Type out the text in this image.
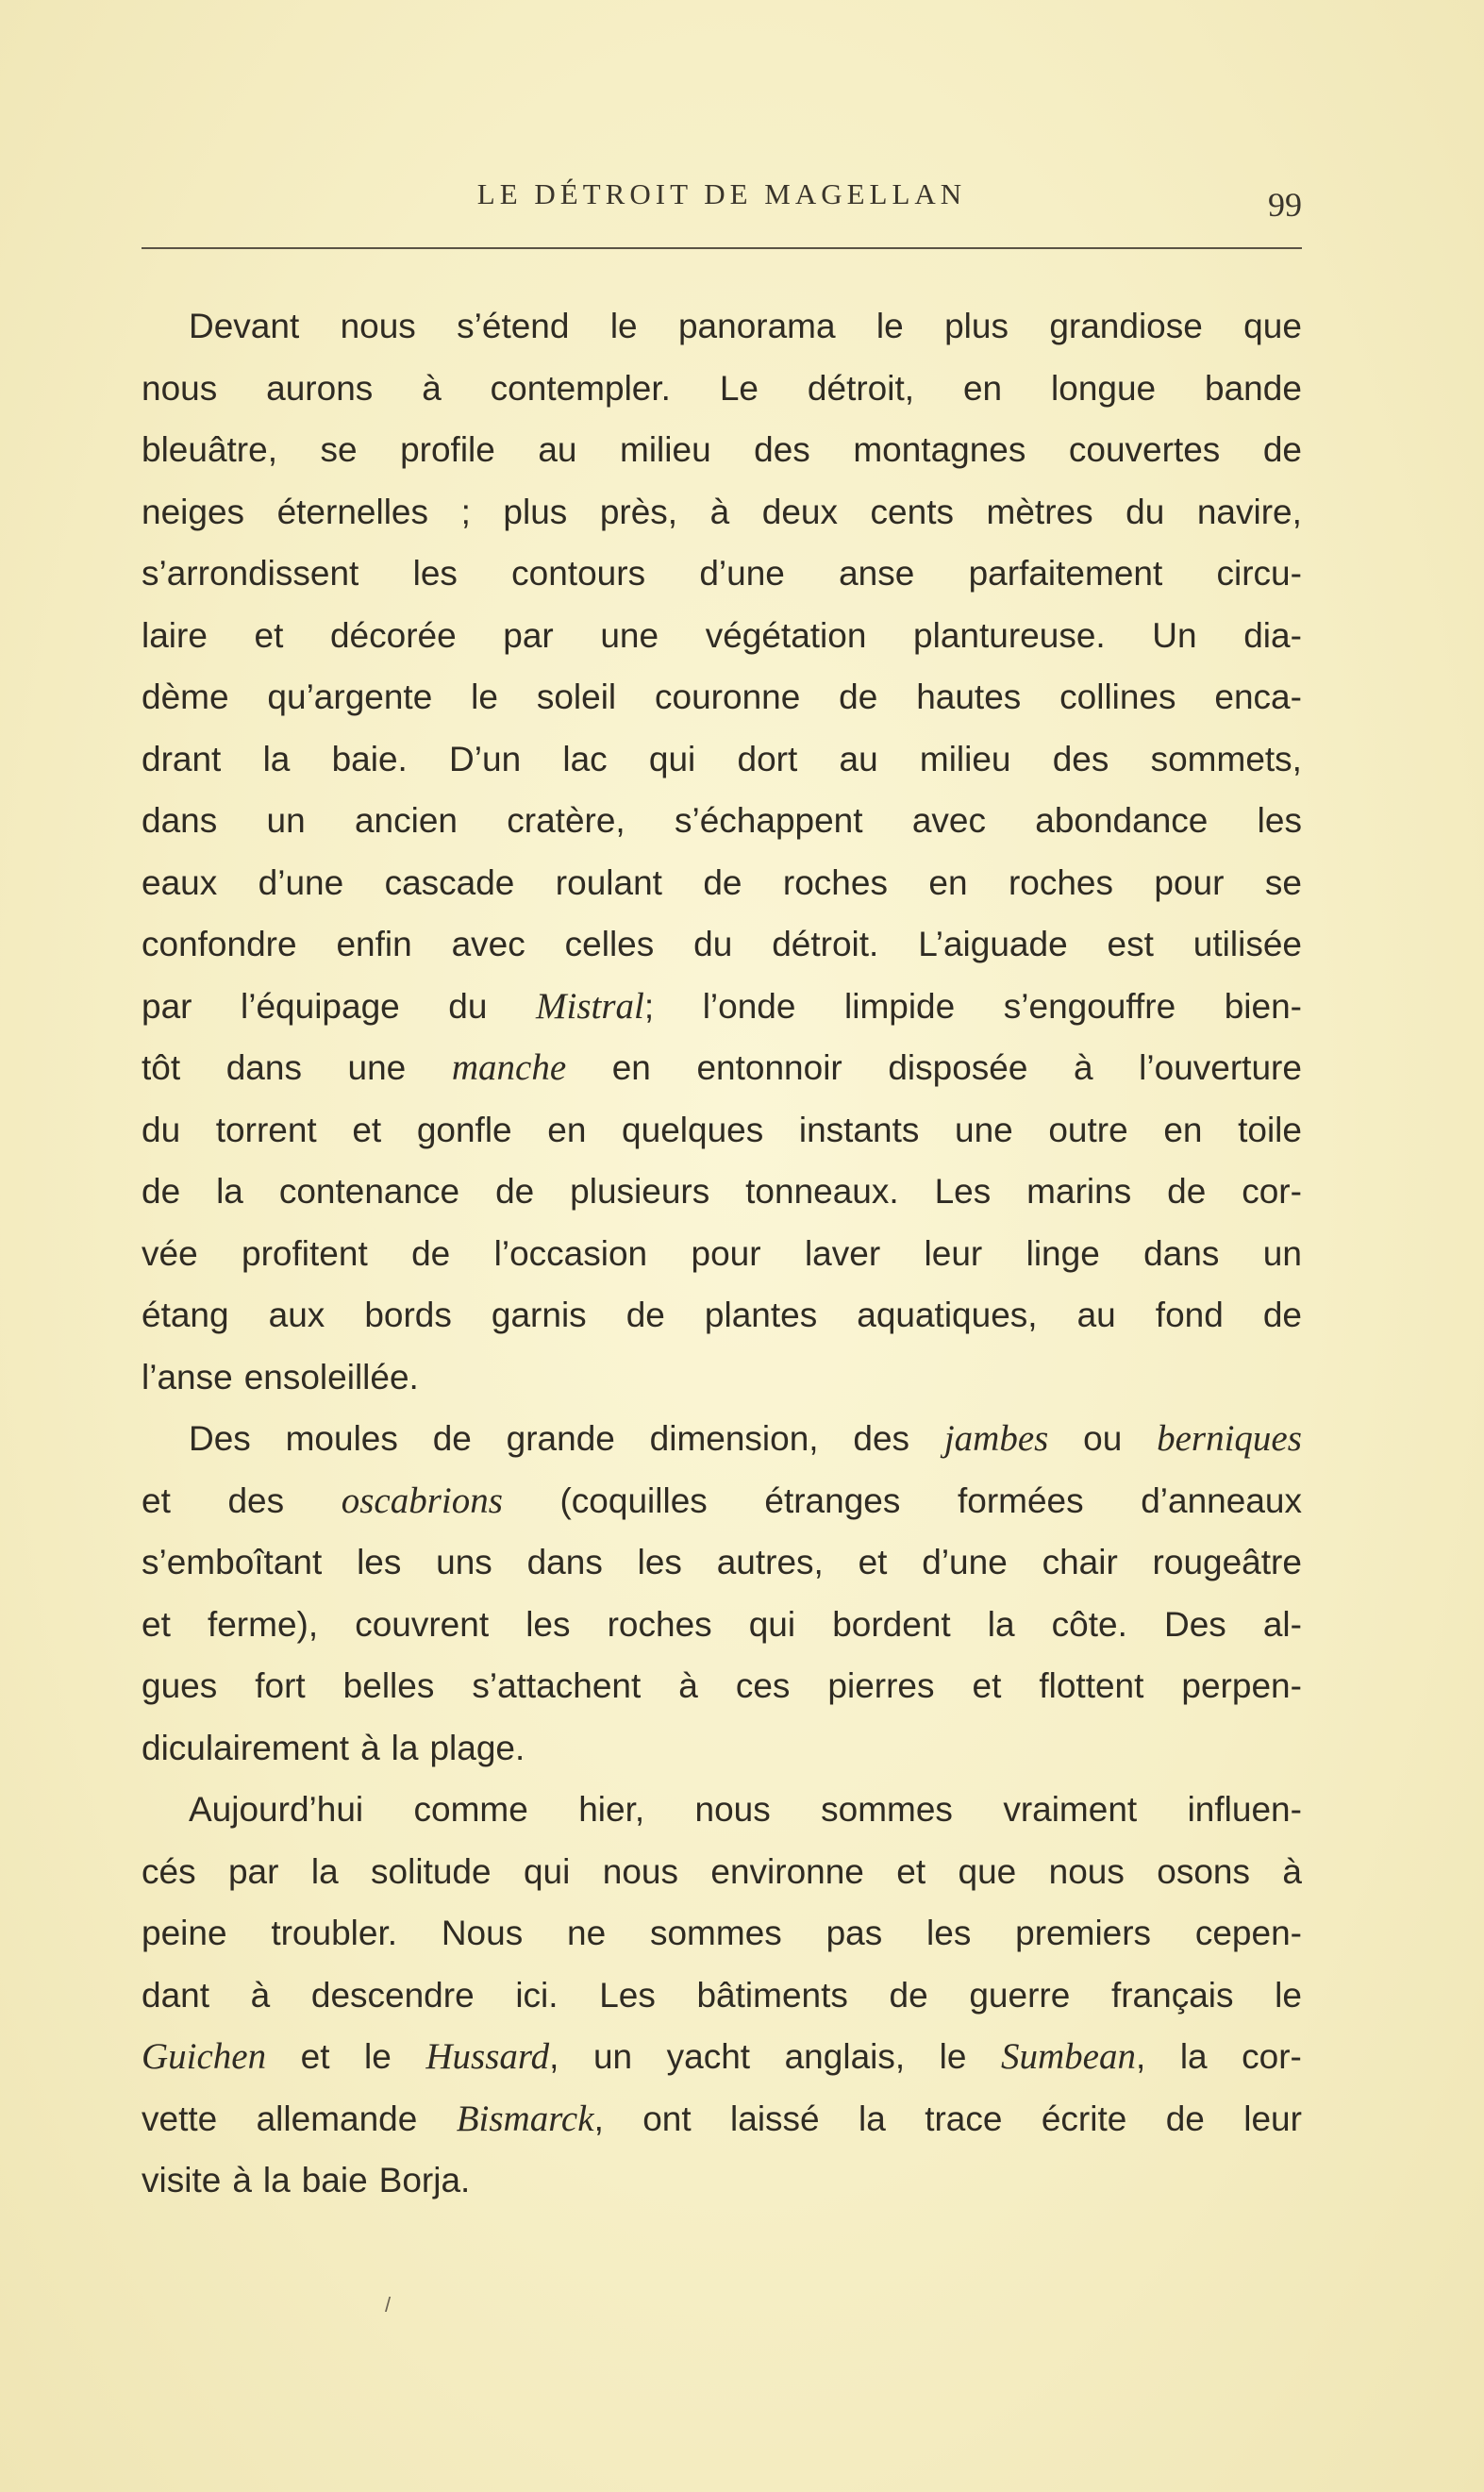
LE DÉTROIT DE MAGELLAN	99
Devant nous s’étend le panorama le plus grandiose que
nous aurons à contempler. Le détroit, en longue bande
bleuâtre, se profile au milieu des montagnes couvertes de
neiges éternelles ; plus près, à deux cents mètres du navire,
s’arrondissent les contours d’une anse parfaitement circu-
laire et décorée par une végétation plantureuse. Un dia-
dème qu’argente le soleil couronne de hautes collines enca-
drant la baie. D’un lac qui dort au milieu des sommets,
dans un ancien cratère, s’échappent avec abondance les
eaux d’une cascade roulant de roches en roches pour se
confondre enfin avec celles du détroit. L’aiguade est utilisée
par l’équipage du Mistral; l’onde limpide s’engouffre bien-
tôt dans une manche en entonnoir disposée à l’ouverture
du torrent et gonfle en quelques instants une outre en toile
de la contenance de plusieurs tonneaux. Les marins de cor-
vée profitent de l’occasion pour laver leur linge dans un
étang aux bords garnis de plantes aquatiques, au fond de
l’anse ensoleillée.
Des moules de grande dimension, des jambes ou berniques
et des oscabrions (coquilles étranges formées d’anneaux
s’emboîtant les uns dans les autres, et d’une chair rougeâtre
et ferme), couvrent les roches qui bordent la côte. Des al-
gues fort belles s’attachent à ces pierres et flottent perpen-
diculairement à la plage.
Aujourd’hui comme hier, nous sommes vraiment influen-
cés par la solitude qui nous environne et que nous osons à
peine troubler. Nous ne sommes pas les premiers cepen-
dant à descendre ici. Les bâtiments de guerre français le
Guichen et le Hussard, un yacht anglais, le Sumbean, la cor-
vette allemande Bismarck, ont laissé la trace écrite de leur
visite à la baie Borja.
/
